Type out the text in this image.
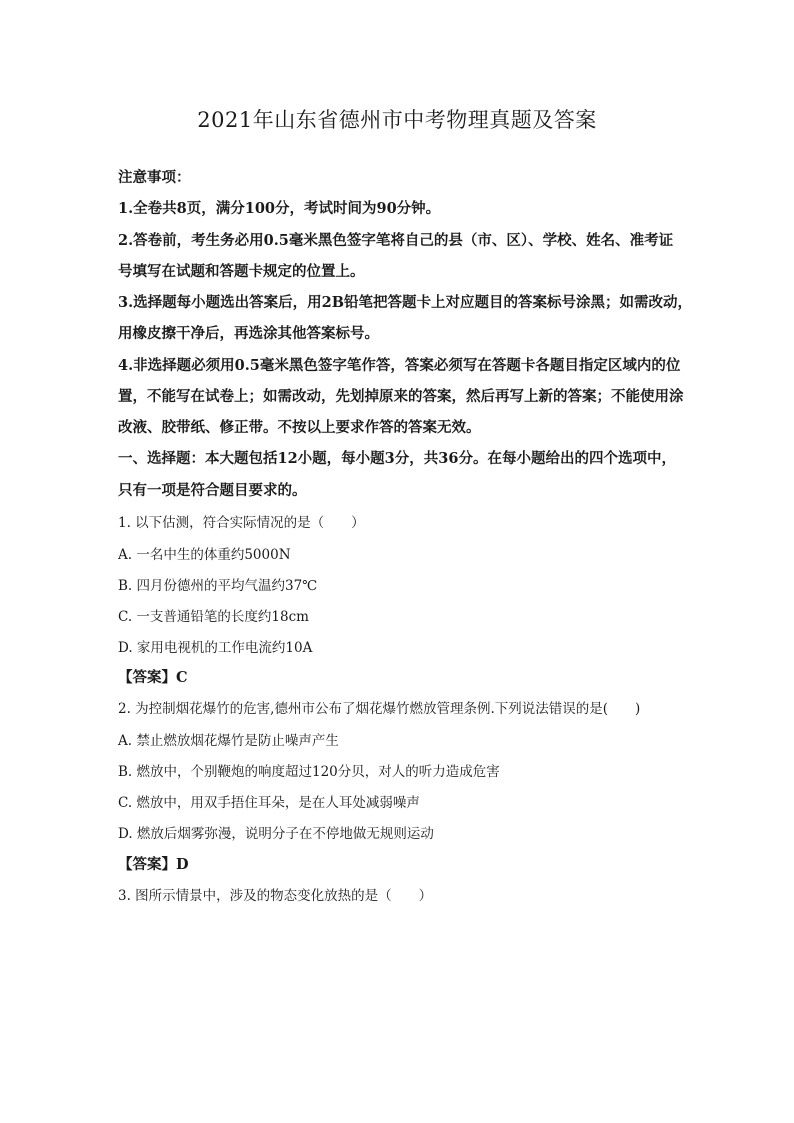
2021年山东省德州市中考物理真题及答案
注意事项：
1.全卷共8页，满分100分，考试时间为90分钟。
2.答卷前，考生务必用0.5毫米黑色签字笔将自己的县（市、区）、学校、姓名、准考证
号填写在试题和答题卡规定的位置上。
3.选择题每小题选出答案后，用2B铅笔把答题卡上对应题目的答案标号涂黑；如需改动，
用橡皮擦干净后，再选涂其他答案标号。
4.非选择题必须用0.5毫米黑色签字笔作答，答案必须写在答题卡各题目指定区域内的位
置，不能写在试卷上；如需改动，先划掉原来的答案，然后再写上新的答案；不能使用涂
改液、胶带纸、修正带。不按以上要求作答的答案无效。
一、选择题：本大题包括12小题，每小题3分，共36分。在每小题给出的四个选项中，
只有一项是符合题目要求的。
1. 以下估测，符合实际情况的是（　　）
A. 一名中生的体重约5000N
B. 四月份德州的平均气温约37℃
C. 一支普通铅笔的长度约18cm
D. 家用电视机的工作电流约10A
【答案】C
2. 为控制烟花爆竹的危害,德州市公布了烟花爆竹燃放管理条例.下列说法错误的是(　　)
A. 禁止燃放烟花爆竹是防止噪声产生
B. 燃放中，个别鞭炮的响度超过120分贝，对人的听力造成危害
C. 燃放中，用双手捂住耳朵，是在人耳处减弱噪声
D. 燃放后烟雾弥漫，说明分子在不停地做无规则运动
【答案】D
3. 图所示情景中，涉及的物态变化放热的是（　　）
